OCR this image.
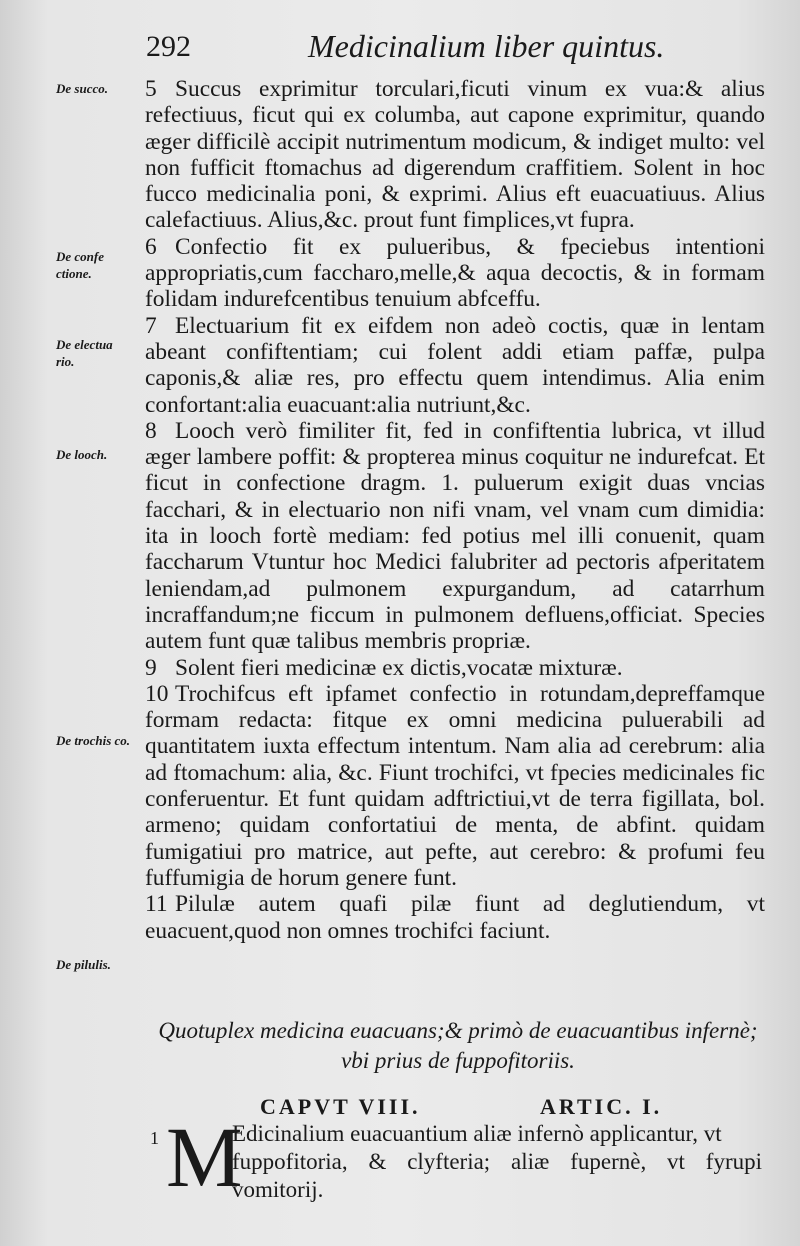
292	Medicinalium liber quintus.
De succo.
De confe
ctione.
De electua
rio.
De looch.
De trochis co.
De pilulis.

5 Succus exprimitur torculari,ficuti vinum ex vua:& alius refectiuus, ficut qui ex columba, aut capone exprimitur, quando æger difficilè accipit nutrimentum modicum, & indiget multo: vel non fufficit ftomachus ad digerendum craffitiem. Solent in hoc fucco medicinalia poni, & exprimi. Alius eft euacuatiuus. Alius calefactiuus. Alius,&c. prout funt fimplices,vt fupra.

6 Confectio fit ex pulueribus, & fpeciebus intentioni appropriatis,cum faccharo,melle,& aqua decoctis, & in formam folidam indurefcentibus tenuium abfceffu.

7 Electuarium fit ex eifdem non adeò coctis, quæ in lentam abeant confiftentiam; cui folent addi etiam paffæ, pulpa caponis,& aliæ res, pro effectu quem intendimus. Alia enim confortant:alia euacuant:alia nutriunt,&c.

8 Looch verò fimiliter fit, fed in confiftentia lubrica, vt illud æger lambere poffit: & propterea minus coquitur ne indurefcat. Et ficut in confectione dragm. 1. puluerum exigit duas vncias facchari, & in electuario non nifi vnam, vel vnam cum dimidia: ita in looch fortè mediam: fed potius mel illi conuenit, quam faccharum Vtuntur hoc Medici falubriter ad pectoris afperitatem leniendam,ad pulmonem expurgandum, ad catarrhum incraffandum;ne ficcum in pulmonem defluens,officiat. Species autem funt quæ talibus membris propriæ.

9 Solent fieri medicinæ ex dictis,vocatæ mixturæ.

10 Trochifcus eft ipfamet confectio in rotundam,depreffamque formam redacta: fitque ex omni medicina puluerabili ad quantitatem iuxta effectum intentum. Nam alia ad cerebrum: alia ad ftomachum: alia, &c. Fiunt trochifci, vt fpecies medicinales fic conferuentur. Et funt quidam adftrictiui,vt de terra figillata, bol. armeno; quidam confortatiui de menta, de abfint. quidam fumigatiui pro matrice, aut pefte, aut cerebro: & profumi feu fuffumigia de horum genere funt.

11 Pilulæ autem quafi pilæ fiunt ad deglutiendum, vt euacuent,quod non omnes trochifci faciunt.

Quotuplex medicina euacuans;& primò de euacuantibus infernè; vbi prius de fuppofitoriis.
CAPVT VIII.	ARTIC. I.
1 M
Edicinalium euacuantium aliæ infernò applicantur, vt
fuppofitoria, & clyfteria; aliæ fupernè, vt fyrupi vomitorij.
